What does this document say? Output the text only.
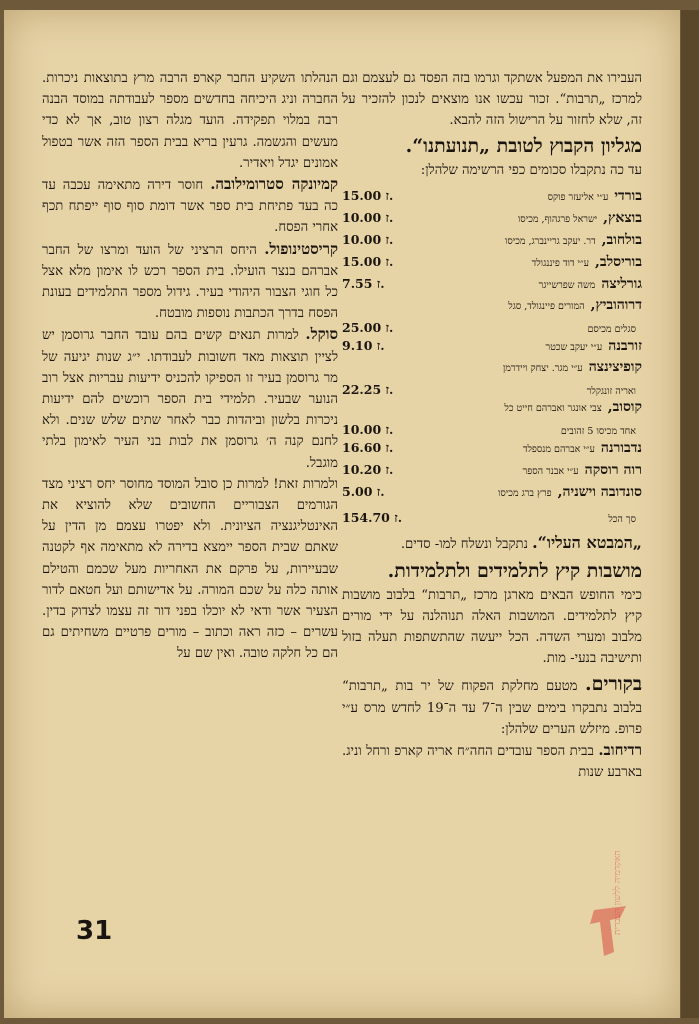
העבירו את המפעל אשתקד וגרמו בזה הפסד גם לעצמם וגם למרכז „תרבות“. זכור עכשו אנו מוצאים לנכון להזכיר על זה, שלא לחזור על הרישול הזה להבא.

מגליון הקבוץ לטובת „תנועתנו“.

עד כה נתקבלו סכומים כפי הרשימה שלהלן:

בורדי
ע״י אליעזר פוקס
15.00 ז.
בוצאץ,
ישראל פרגהוף, מכיסו
10.00 ז.
בולחוב,
דר. יעקב גריינברג, מכיסו
10.00 ז.
בוריסלב,
ע״י דוד פיננגולד
15.00 ז.
גורליצה
משה שפרשייגר
7.55 ז.
דרוהוביץ,
המורים פיינגולד, סגל
סגלים מכיסם
25.00 ז.
זורבנה
ע״י יעקב שכטר
9.10 ז.
קופיצינצה
ע״י מגר. יצחק ויידרמן
ואריה זונגקלר
22.25 ז.
קוסוב,
צבי אונגר ואברהם חייט כל
אחד מכיסו 5 זהובים
10.00 ז.
נדבורנה
ע״י אברהם מנספלד
16.60 ז.
רוה רוסקה
ע״י אבנר הספר
10.20 ז.
סונדובה וישניה,
פרץ ברג מכיסו
5.00 ז.
סך הכל
154.70 ז.

„המבטא העליו“. נתקבל ונשלח למו- סדים.

מושבות קיץ לתלמידים ולתלמידות.

כימי החופש הבאים מארגן מרכז „תרבות“ בלבוב מושבות קיץ לתלמידים. המושבות האלה תנוהלנה על ידי מורים מלבוב ומערי השדה. הכל ייעשה שהתשתפות תעלה בזול ותישיבה בנעי- מות.

בקורים. מטעם מחלקת הפקוח של יר בות „תרבות“ בלבוב נתבקרו בימים שבין ה־7 עד ה־19 לחדש מרס ע״י פרופ. מיזלש הערים שלהלן:

רדיחוב. בבית הספר עובדים החה״ח אריה קארפ ורחל וניג. בארבע שנות

הנהלתו השקיע החבר קארפ הרבה מרץ בתוצאות ניכרות. החברה וניג היכיחה בחדשים מספר לעבודתה במוסד הבנה רבה במלוי תפקידה. הועד מגלה רצון טוב, אך לא כדי מעשים והגשמה. גרעין בריא בבית הספר הזה אשר בטפול אמונים יגדל ויאדיר.

קמיונקה סטרומילובה. חוסר דירה מתאימה עכבה עד כה בעד פתיחת בית ספר אשר דומת סוף סוף ייפתח תכף אחרי הפסח.

קריסטינופול. היחס הרציני של הועד ומרצו של החבר אברהם בנצר הועילו. בית הספר רכש לו אימון מלא אצל כל חוגי הצבור היהודי בעיר. גידול מספר התלמידים בעונת הפסח בדרך הכתבות נוספות מובטח.

סוקל. למרות תנאים קשים בהם עובד החבר גרוסמן יש לציין תוצאות מאד חשובות לעבודתו. י״ג שנות יגיעה של מר גרוסמן בעיר זו הספיקו להכניס ידיעות עבריות אצל רוב הנוער שבעיר. תלמידי בית הספר רוכשים להם ידיעות ניכרות בלשון וביהדות כבר לאחר שתים שלש שנים. ולא לחנם קנה ה׳ גרוסמן את לבות בני העיר לאימון בלתי מוגבל.

ולמרות זאת! למרות כן סובל המוסד מחוסר יחס רציני מצד הגורמים הצבוריים החשובים שלא להוציא את האינטליגנציה הציונית. ולא יפטרו עצמם מן הדין על שאתם שבית הספר יימצא בדירה לא מתאימה אף לקטנה שבעיירות, על פרקם את האחריות מעל שכמם והטילם אותה כלה על שכם המורה. על אדישותם ועל חטאם לדור הצעיר אשר ודאי לא יוכלו בפני דור זה עצמו לצדוק בדין. עשרים – כזה ראה וכתוב – מורים פרטיים משחיתים גם הם כל חלקה טובה. ואין שם על

31	האקדמיה ללשון העברית
